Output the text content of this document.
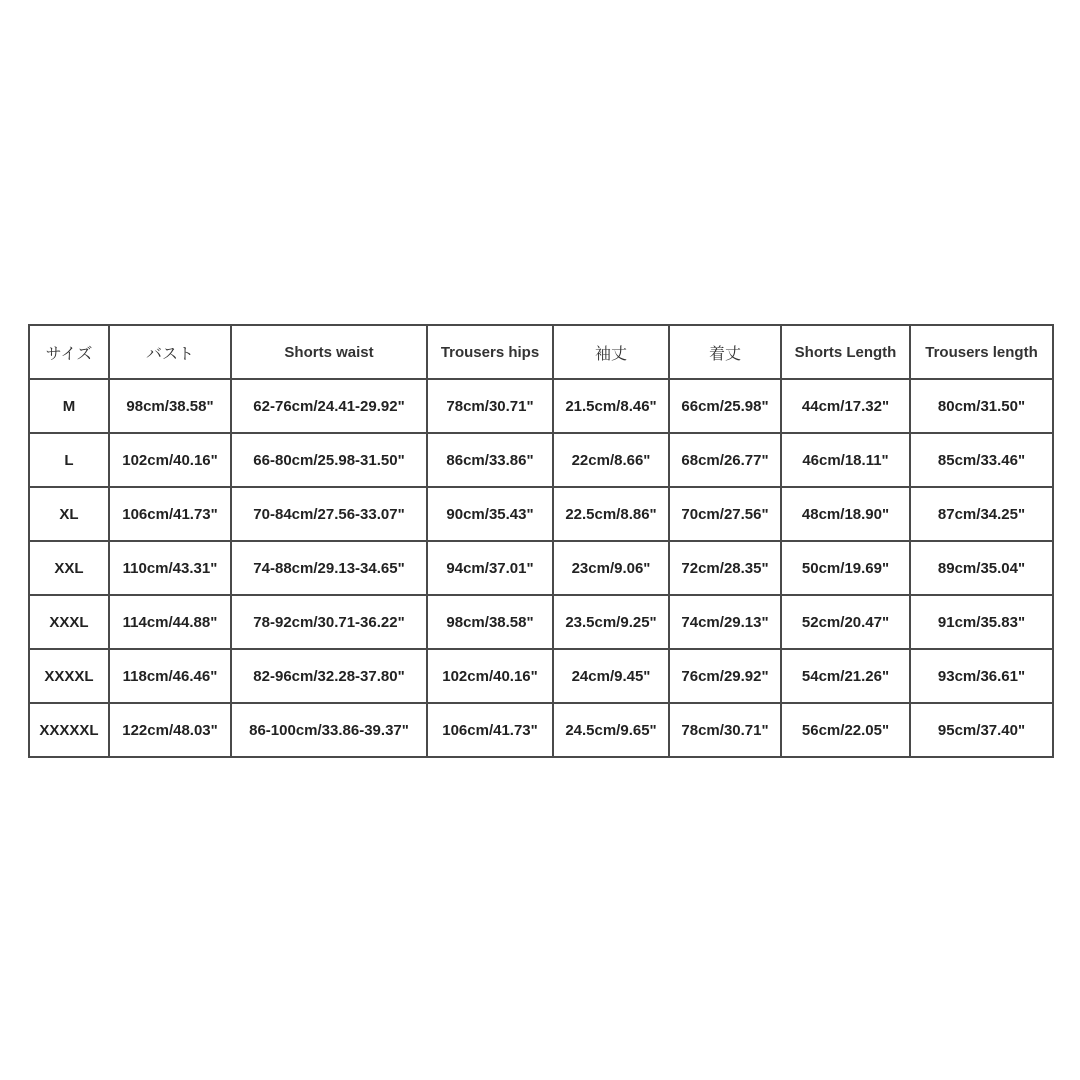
サイズ	バスト	Shorts waist	Trousers hips	袖丈	着丈	Shorts Length	Trousers length
M	98cm/38.58"	62-76cm/24.41-29.92"	78cm/30.71"	21.5cm/8.46"	66cm/25.98"	44cm/17.32"	80cm/31.50"
L	102cm/40.16"	66-80cm/25.98-31.50"	86cm/33.86"	22cm/8.66"	68cm/26.77"	46cm/18.11"	85cm/33.46"
XL	106cm/41.73"	70-84cm/27.56-33.07"	90cm/35.43"	22.5cm/8.86"	70cm/27.56"	48cm/18.90"	87cm/34.25"
XXL	110cm/43.31"	74-88cm/29.13-34.65"	94cm/37.01"	23cm/9.06"	72cm/28.35"	50cm/19.69"	89cm/35.04"
XXXL	114cm/44.88"	78-92cm/30.71-36.22"	98cm/38.58"	23.5cm/9.25"	74cm/29.13"	52cm/20.47"	91cm/35.83"
XXXXL	118cm/46.46"	82-96cm/32.28-37.80"	102cm/40.16"	24cm/9.45"	76cm/29.92"	54cm/21.26"	93cm/36.61"
XXXXXL	122cm/48.03"	86-100cm/33.86-39.37"	106cm/41.73"	24.5cm/9.65"	78cm/30.71"	56cm/22.05"	95cm/37.40"
